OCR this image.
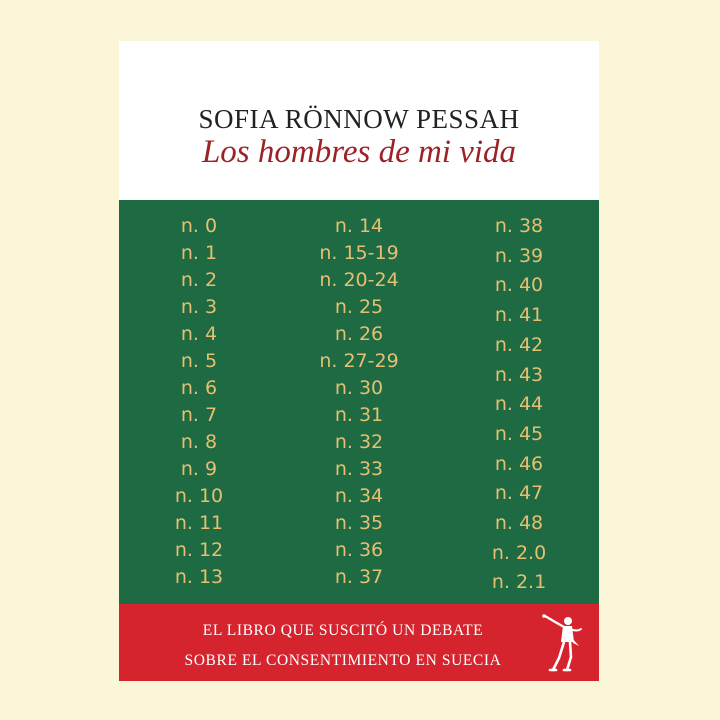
SOFIA RÖNNOW PESSAH
Los hombres de mi vida
n. 0
n. 1
n. 2
n. 3
n. 4
n. 5
n. 6
n. 7
n. 8
n. 9
n. 10
n. 11
n. 12
n. 13
n. 14
n. 15-19
n. 20-24
n. 25
n. 26
n. 27-29
n. 30
n. 31
n. 32
n. 33
n. 34
n. 35
n. 36
n. 37
n. 38
n. 39
n. 40
n. 41
n. 42
n. 43
n. 44
n. 45
n. 46
n. 47
n. 48
n. 2.0
n. 2.1

EL LIBRO QUE SUSCITÓ UN DEBATE

SOBRE EL CONSENTIMIENTO EN SUECIA
